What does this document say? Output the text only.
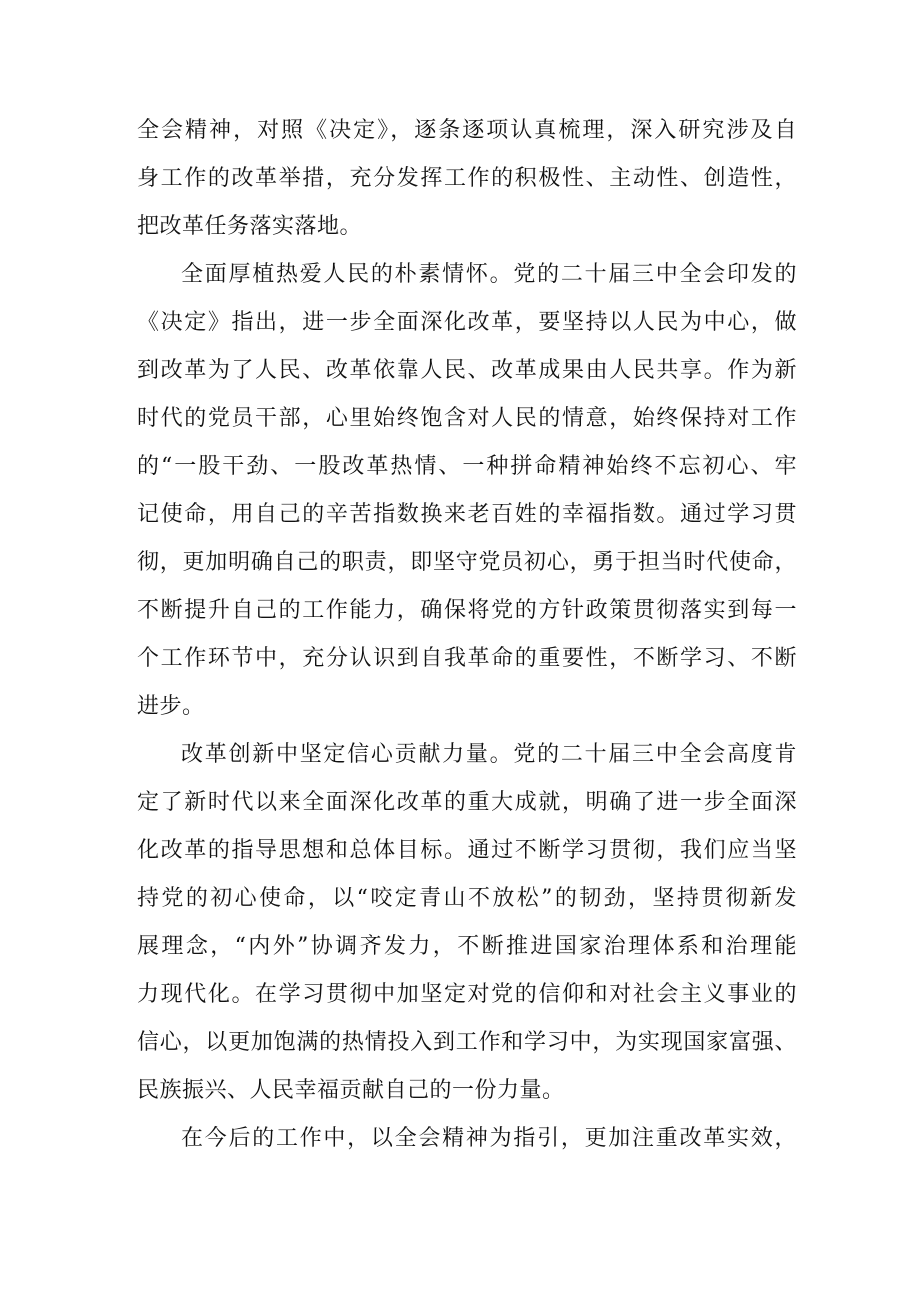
全会精神，对照《决定》，逐条逐项认真梳理，深入研究涉及自
身工作的改革举措，充分发挥工作的积极性、主动性、创造性，
把改革任务落实落地。
全面厚植热爱人民的朴素情怀。党的二十届三中全会印发的
《决定》指出，进一步全面深化改革，要坚持以人民为中心，做
到改革为了人民、改革依靠人民、改革成果由人民共享。作为新
时代的党员干部，心里始终饱含对人民的情意，始终保持对工作
的“一股干劲、一股改革热情、一种拼命精神始终不忘初心、牢
记使命，用自己的辛苦指数换来老百姓的幸福指数。通过学习贯
彻，更加明确自己的职责，即坚守党员初心，勇于担当时代使命，
不断提升自己的工作能力，确保将党的方针政策贯彻落实到每一
个工作环节中，充分认识到自我革命的重要性，不断学习、不断
进步。
改革创新中坚定信心贡献力量。党的二十届三中全会高度肯
定了新时代以来全面深化改革的重大成就，明确了进一步全面深
化改革的指导思想和总体目标。通过不断学习贯彻，我们应当坚
持党的初心使命，以“咬定青山不放松”的韧劲，坚持贯彻新发
展理念，“内外”协调齐发力，不断推进国家治理体系和治理能
力现代化。在学习贯彻中加坚定对党的信仰和对社会主义事业的
信心，以更加饱满的热情投入到工作和学习中，为实现国家富强、
民族振兴、人民幸福贡献自己的一份力量。
在今后的工作中，以全会精神为指引，更加注重改革实效，
